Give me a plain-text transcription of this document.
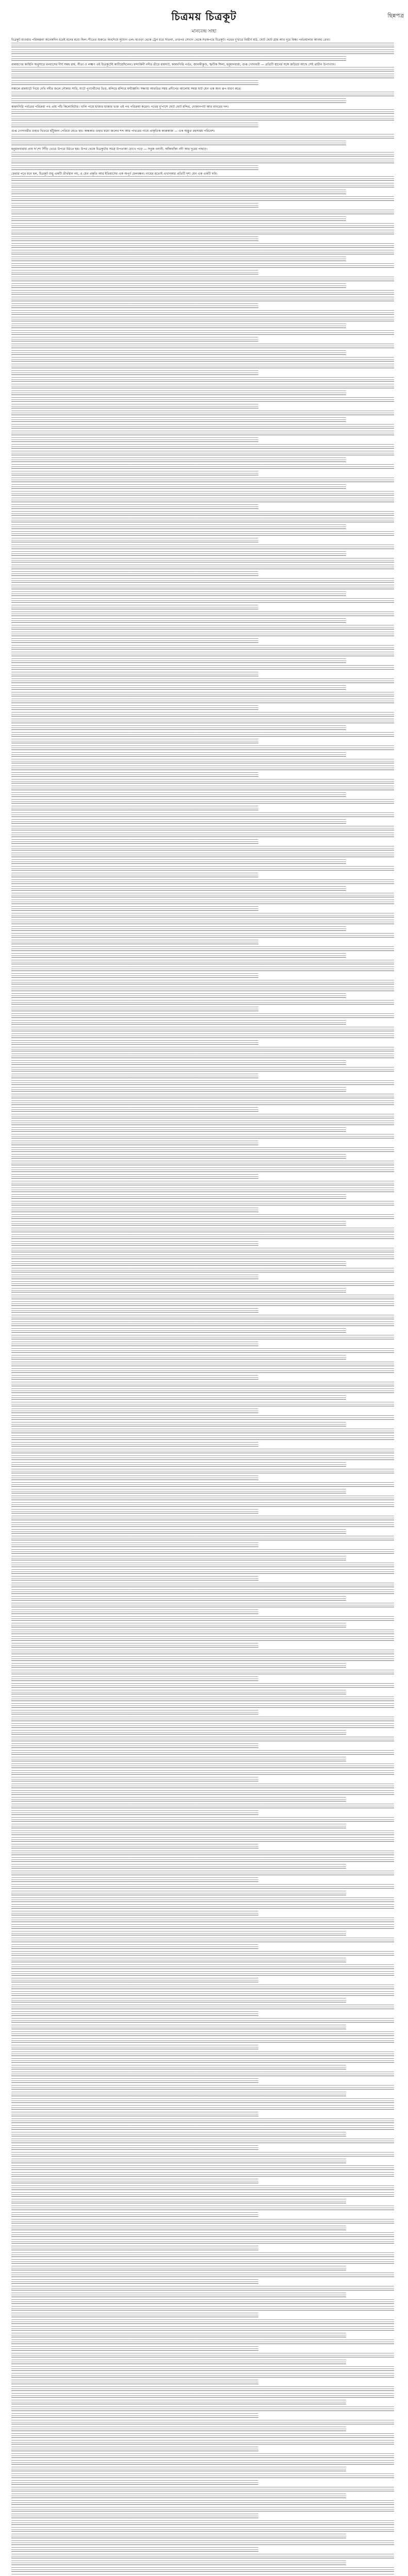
ছিন্নপত্র
চিত্রময় চিত্রকূট
মানবেন্দ্র সাহা

চিত্রকূট যাওয়ার পরিকল্পনা অনেকদিন ধরেই মনের মধ্যে ছিল। শীতের শুরুতে অবশেষে সুযোগ এল। হাওড়া থেকে ট্রেন ধরে সাতনা, তারপর সেখান থেকে সড়কপথে চিত্রকূট। পথের দু'ধারে বিস্তীর্ণ মাঠ, ছোট ছোট গ্রাম আর দূরে বিন্ধ্য পর্বতমালার আবছা রেখা।

রামায়ণের কাহিনি অনুসারে বনবাসের দীর্ঘ সময় রাম, সীতা ও লক্ষ্মণ এই চিত্রকূটেই কাটিয়েছিলেন। মন্দাকিনী নদীর তীরে রামঘাট, কামদগিরি পর্বত, জানকীকুণ্ড, স্ফটিক শিলা, হনুমানধারা, গুপ্ত গোদাবরী — প্রতিটি স্থানের সঙ্গে জড়িয়ে আছে সেই প্রাচীন উপাখ্যান।

সকালে রামঘাটে গিয়ে দেখি নদীর জলে নৌকার সারি, ঘাটে পুণ্যার্থীদের ভিড়, মন্দিরে মন্দিরে ঘণ্টাধ্বনি। সন্ধ্যায় আরতির সময় প্রদীপের আলোয় সমস্ত ঘাট যেন এক অন্য রূপ ধারণ করে।

কামদগিরি পর্বতের পরিক্রমা পথ প্রায় পাঁচ কিলোমিটার। খালি পায়ে হাজার হাজার ভক্ত এই পথ পরিক্রমা করেন। পথের দু'পাশে ছোট ছোট মন্দির, দোকানপাট আর বানরের দল।

গুপ্ত গোদাবরীর গুহার ভিতরে হাঁটুজল পেরিয়ে যেতে হয়। অন্ধকার গুহার মধ্যে জলের শব্দ আর পাথরের গায়ে প্রাকৃতিক কারুকাজ — এক অদ্ভুত রহস্যময় পরিবেশ।

হনুমানধারায় প্রায় ছ'শো সিঁড়ি ভেঙে উপরে উঠতে হয়। উপর থেকে চিত্রকূটের সমগ্র উপত্যকা চোখে পড়ে — সবুজ বনানী, আঁকাবাঁকা নদী আর দূরের পাহাড়।

ফেরার পথে মনে হল, চিত্রকূট শুধু একটি তীর্থস্থান নয়, এ যেন প্রকৃতি আর ইতিহাসের এক অপূর্ব মেলবন্ধন। নামের মতোই এখানকার প্রতিটি দৃশ্য যেন এক একটি ছবি।
